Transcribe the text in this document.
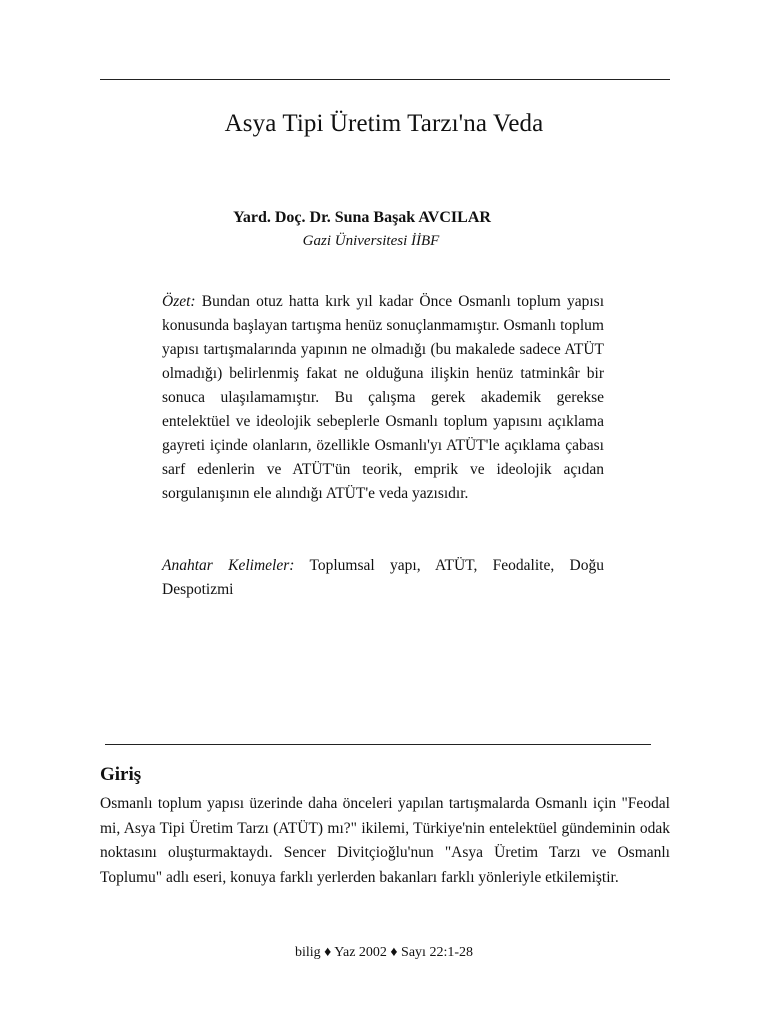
Asya Tipi Üretim Tarzı'na Veda
Yard. Doç. Dr. Suna Başak AVCILAR
Gazi Üniversitesi İİBF

Özet: Bundan otuz hatta kırk yıl kadar Önce Osmanlı toplum yapısı konusunda başlayan tartışma henüz sonuçlanmamıştır. Osmanlı toplum yapısı tartışmalarında yapının ne olmadığı (bu makalede sadece ATÜT olmadığı) belirlenmiş fakat ne olduğuna ilişkin henüz tatminkâr bir sonuca ulaşılamamıştır. Bu çalışma gerek akademik gerekse entelektüel ve ideolojik sebeplerle Osmanlı toplum yapısını açıklama gayreti içinde olanların, özellikle Osmanlı'yı ATÜT'le açıklama çabası sarf edenlerin ve ATÜT'ün teorik, emprik ve ideolojik açıdan sorgulanışının ele alındığı ATÜT'e veda yazısıdır.

Anahtar Kelimeler: Toplumsal yapı, ATÜT, Feodalite, Doğu Despotizmi

Giriş

Osmanlı toplum yapısı üzerinde daha önceleri yapılan tartışmalarda Osmanlı için "Feodal mi, Asya Tipi Üretim Tarzı (ATÜT) mı?" ikilemi, Türkiye'nin entelektüel gündeminin odak noktasını oluşturmaktaydı. Sencer Divitçioğlu'nun "Asya Üretim Tarzı ve Osmanlı Toplumu" adlı eseri, konuya farklı yerlerden bakanları farklı yönleriyle etkilemiştir.

bilig ♦ Yaz 2002 ♦ Sayı 22:1-28
